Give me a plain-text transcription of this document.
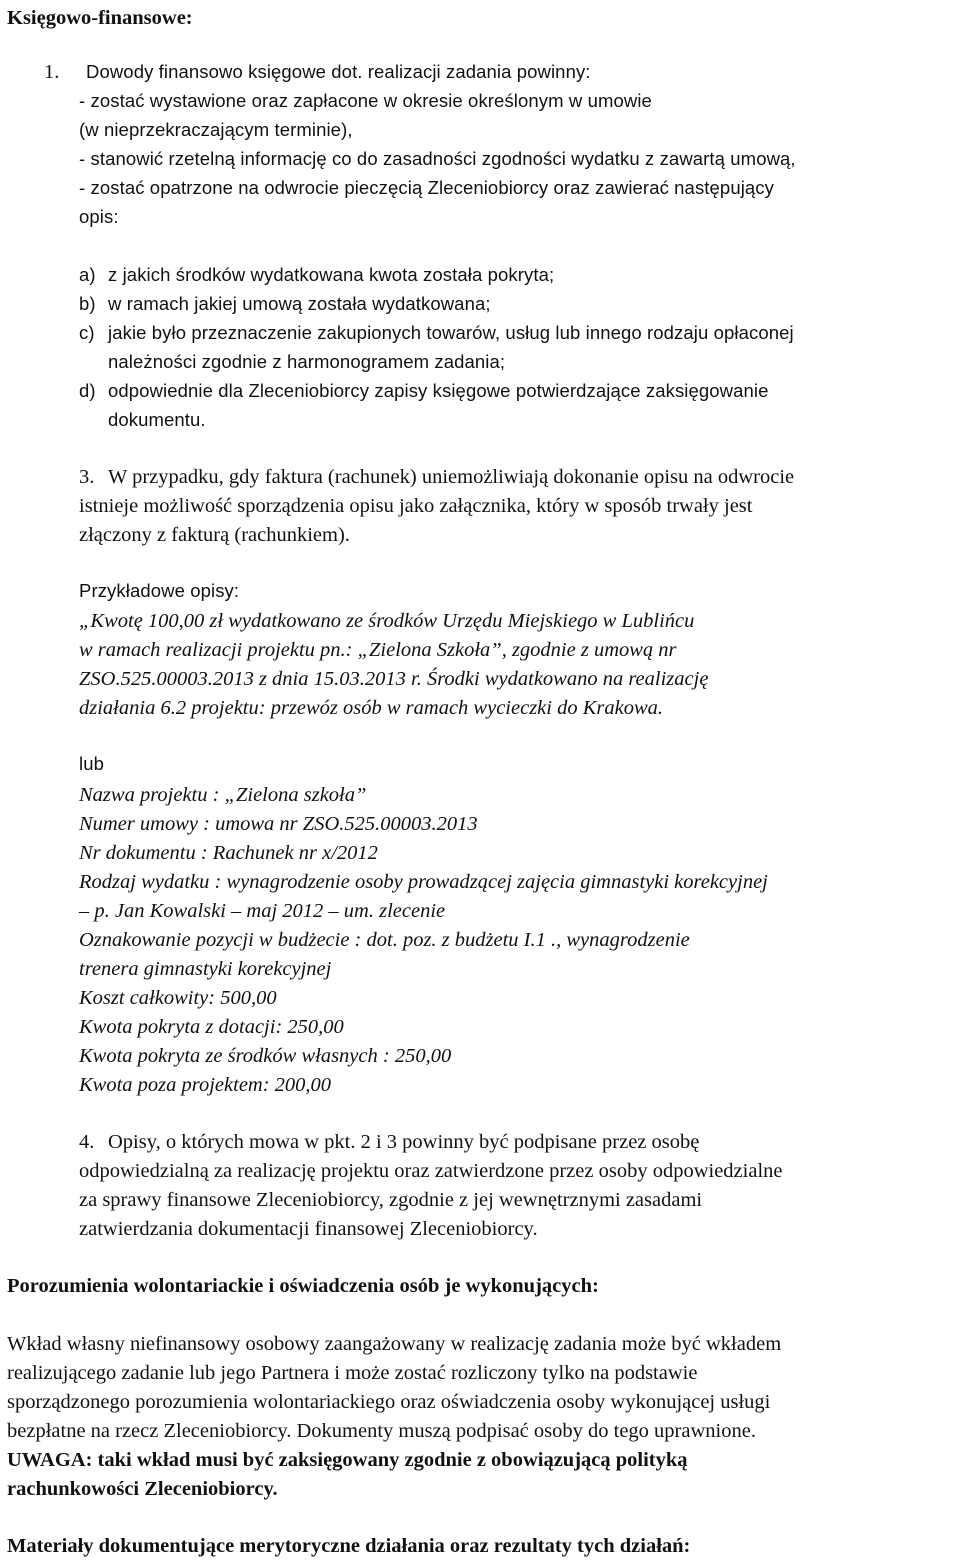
Księgowo-finansowe:
1. Dowody finansowo księgowe dot. realizacji zadania powinny:
- zostać wystawione oraz zapłacone w okresie określonym w umowie
(w nieprzekraczającym terminie),
- stanowić rzetelną informację co do zasadności zgodności wydatku z zawartą umową,
- zostać opatrzone na odwrocie pieczęcią Zleceniobiorcy oraz zawierać następujący
opis:
a) z jakich środków wydatkowana kwota została pokryta;
b) w ramach jakiej umową została wydatkowana;
c) jakie było przeznaczenie zakupionych towarów, usług lub innego rodzaju opłaconej
należności zgodnie z harmonogramem zadania;
d) odpowiednie dla Zleceniobiorcy zapisy księgowe potwierdzające zaksięgowanie
dokumentu.
3. W przypadku, gdy faktura (rachunek) uniemożliwiają dokonanie opisu na odwrocie
istnieje możliwość sporządzenia opisu jako załącznika, który w sposób trwały jest
złączony z fakturą (rachunkiem).
Przykładowe opisy:
„Kwotę 100,00 zł wydatkowano ze środków Urzędu Miejskiego w Lublińcu
w ramach realizacji projektu pn.: „Zielona Szkoła”, zgodnie z umową nr
ZSO.525.00003.2013 z dnia 15.03.2013 r. Środki wydatkowano na realizację
działania 6.2 projektu: przewóz osób w ramach wycieczki do Krakowa.
lub
Nazwa projektu : „Zielona szkoła”
Numer umowy : umowa nr ZSO.525.00003.2013
Nr dokumentu : Rachunek nr x/2012
Rodzaj wydatku : wynagrodzenie osoby prowadzącej zajęcia gimnastyki korekcyjnej
– p. Jan Kowalski – maj 2012 – um. zlecenie
Oznakowanie pozycji w budżecie : dot. poz. z budżetu I.1 ., wynagrodzenie
trenera gimnastyki korekcyjnej
Koszt całkowity: 500,00
Kwota pokryta z dotacji: 250,00
Kwota pokryta ze środków własnych : 250,00
Kwota poza projektem: 200,00
4. Opisy, o których mowa w pkt. 2 i 3 powinny być podpisane przez osobę
odpowiedzialną za realizację projektu oraz zatwierdzone przez osoby odpowiedzialne
za sprawy finansowe Zleceniobiorcy, zgodnie z jej wewnętrznymi zasadami
zatwierdzania dokumentacji finansowej Zleceniobiorcy.
Porozumienia wolontariackie i oświadczenia osób je wykonujących:
Wkład własny niefinansowy osobowy zaangażowany w realizację zadania może być wkładem
realizującego zadanie lub jego Partnera i może zostać rozliczony tylko na podstawie
sporządzonego porozumienia wolontariackiego oraz oświadczenia osoby wykonującej usługi
bezpłatne na rzecz Zleceniobiorcy. Dokumenty muszą podpisać osoby do tego uprawnione.
UWAGA: taki wkład musi być zaksięgowany zgodnie z obowiązującą polityką
rachunkowości Zleceniobiorcy.
Materiały dokumentujące merytoryczne działania oraz rezultaty tych działań:
